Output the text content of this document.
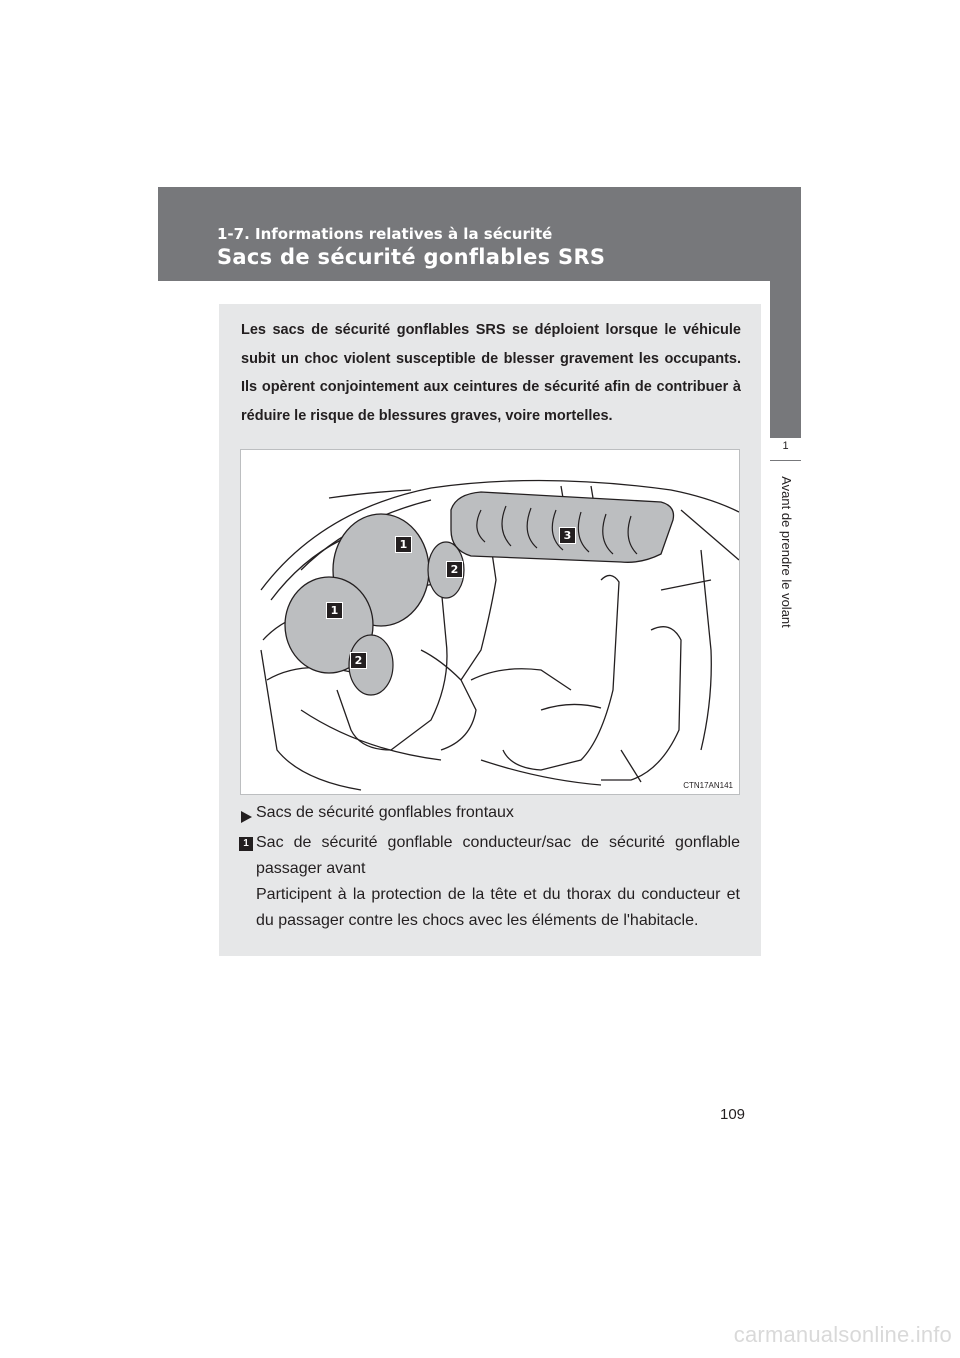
1-7. Informations relatives à la sécurité
Sacs de sécurité gonflables SRS
1
Avant de prendre le volant

Les sacs de sécurité gonflables SRS se déploient lorsque le véhicule subit un choc violent susceptible de blesser gravement les occupants. Ils opèrent conjointement aux ceintures de sécurité afin de contribuer à réduire le risque de blessures graves, voire mortelles.

1
2
3
1
2
CTN17AN141
Sacs de sécurité gonflables frontaux
1 Sac de sécurité gonflable conducteur/sac de sécurité gonflable passager avant
Participent à la protection de la tête et du thorax du conducteur et du passager contre les chocs avec les éléments de l'habitacle.

109
carmanualsonline.info
